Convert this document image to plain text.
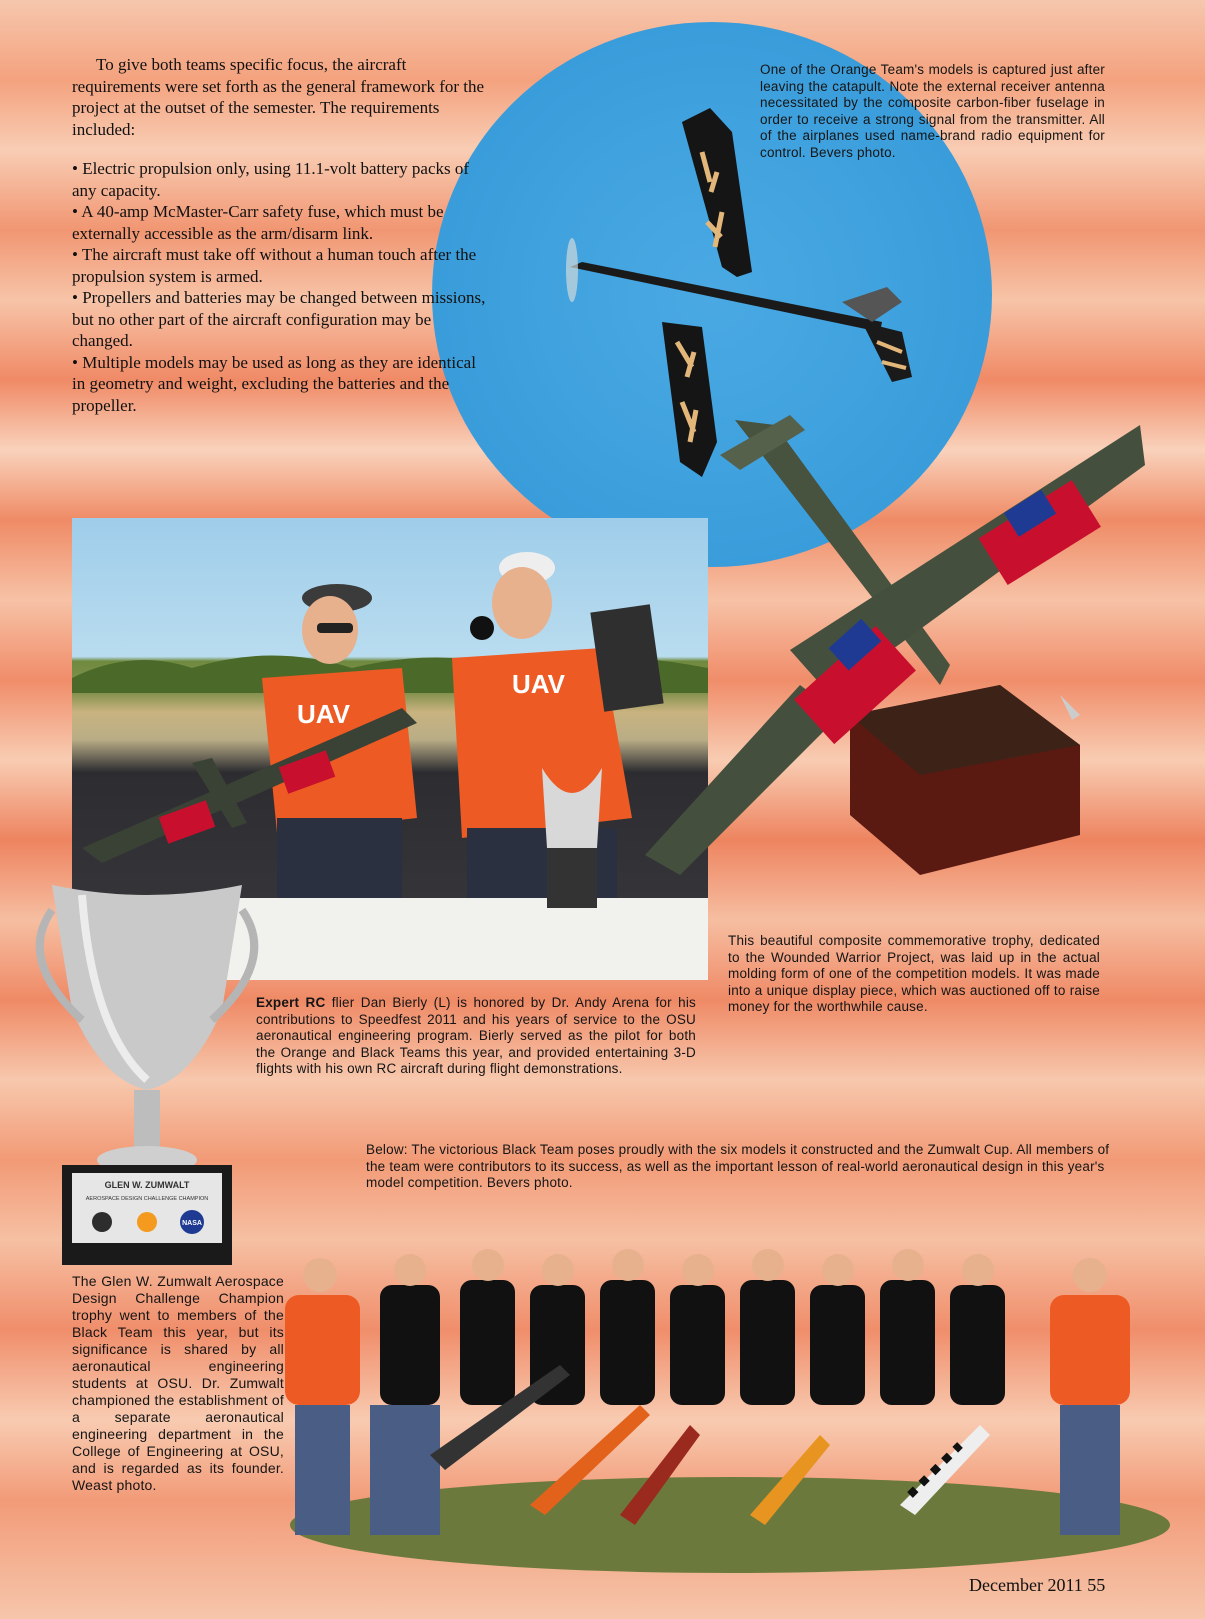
To give both teams specific focus, the aircraft requirements were set forth as the general framework for the project at the outset of the semester. The requirements included:

• Electric propulsion only, using 11.1-volt battery packs of any capacity.
• A 40-amp McMaster-Carr safety fuse, which must be externally accessible as the arm/disarm link.
• The aircraft must take off without a human touch after the propulsion system is armed.
• Propellers and batteries may be changed between missions, but no other part of the aircraft configuration may be changed.
• Multiple models may be used as long as they are identical in geometry and weight, excluding the batteries and the propeller.
One of the Orange Team's models is captured just after leaving the catapult. Note the external receiver antenna necessitated by the composite carbon-fiber fuselage in order to receive a strong signal from the transmitter. All of the airplanes used name-brand radio equipment for control. Bevers photo.
UAV
UAV
Expert RC flier Dan Bierly (L) is honored by Dr. Andy Arena for his contributions to Speedfest 2011 and his years of service to the OSU aeronautical engineering program. Bierly served as the pilot for both the Orange and Black Teams this year, and provided entertaining 3-D flights with his own RC aircraft during flight demonstrations.
This beautiful composite commemorative trophy, dedicated to the Wounded Warrior Project, was laid up in the actual molding form of one of the competition models. It was made into a unique display piece, which was auctioned off to raise money for the worthwhile cause.
Below: The victorious Black Team poses proudly with the six models it constructed and the Zumwalt Cup. All members of the team were contributors to its success, as well as the important lesson of real-world aeronautical design in this year's model competition. Bevers photo.
GLEN W. ZUMWALT
AEROSPACE DESIGN CHALLENGE CHAMPION
NASA
The Glen W. Zumwalt Aerospace Design Challenge Champion trophy went to members of the Black Team this year, but its significance is shared by all aeronautical engineering students at OSU. Dr. Zumwalt championed the establishment of a separate aeronautical engineering department in the College of Engineering at OSU, and is regarded as its founder. Weast photo.
December 2011 55
